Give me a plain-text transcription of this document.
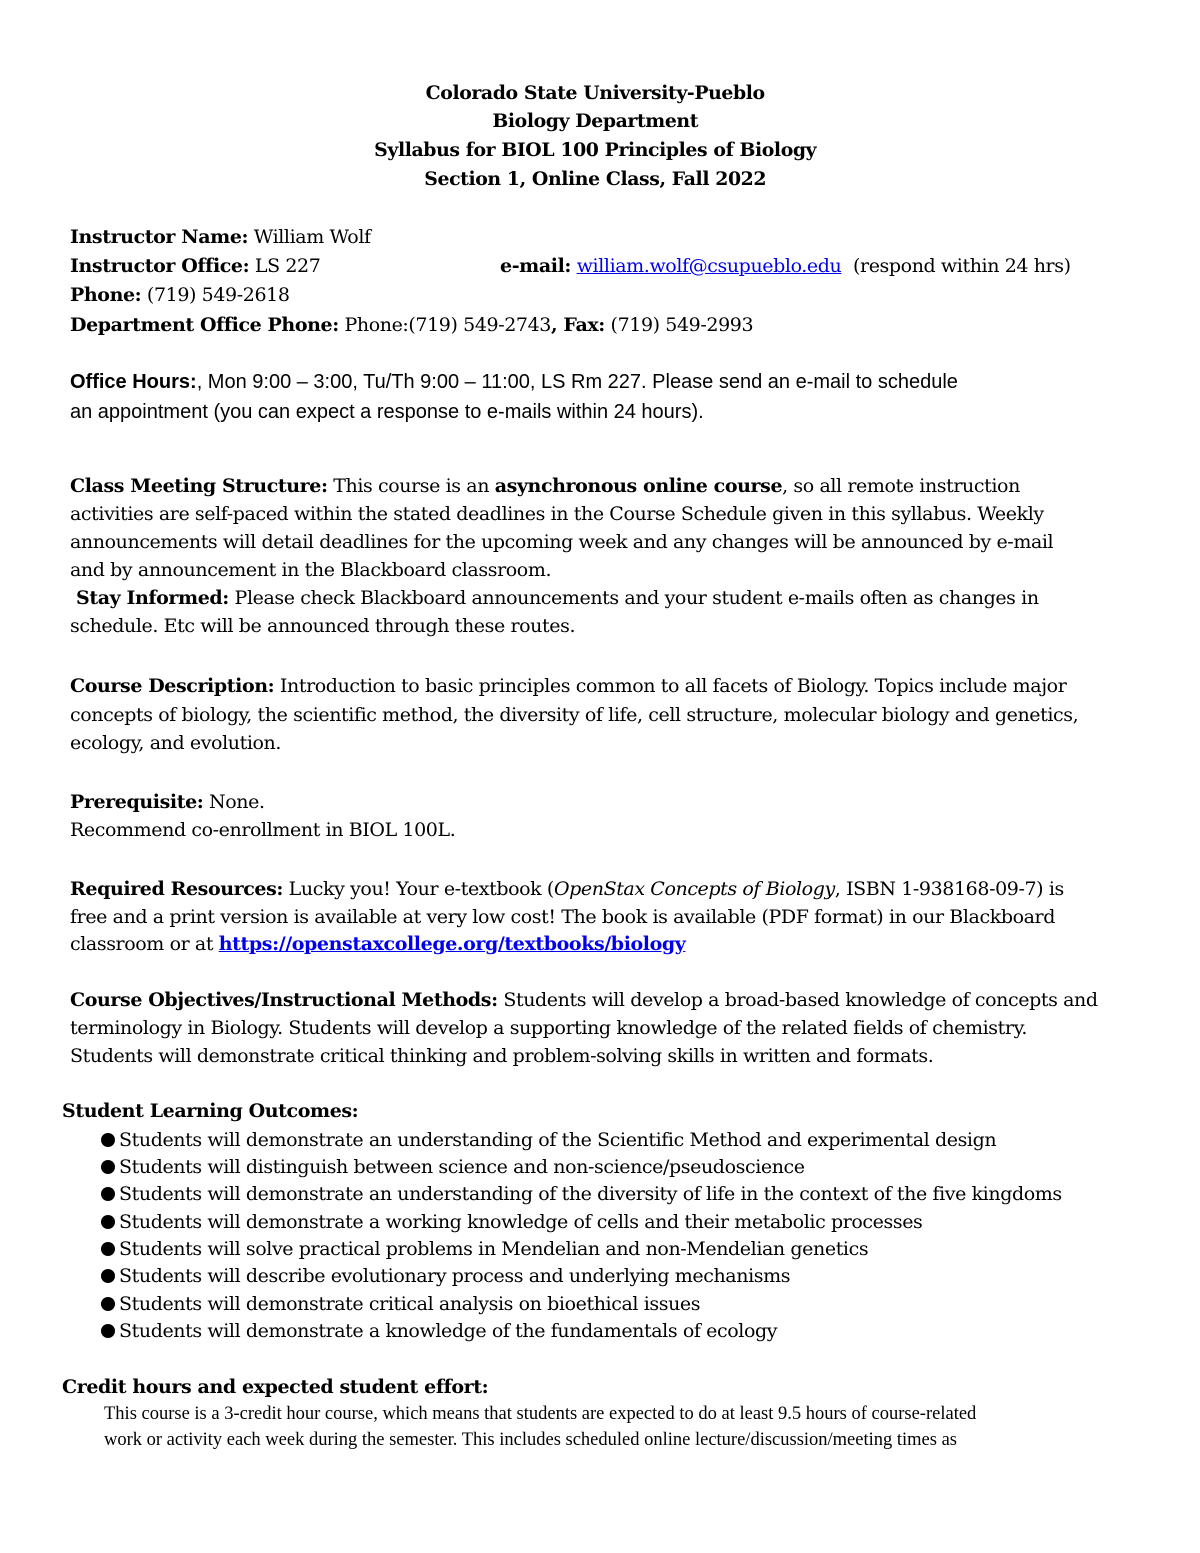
Colorado State University-Pueblo
Biology Department
Syllabus for BIOL 100 Principles of Biology
Section 1, Online Class, Fall 2022
Instructor Name: William Wolf
Instructor Office: LS 227	e-mail: william.wolf@csupueblo.edu (respond within 24 hrs)
Phone: (719) 549-2618
Department Office Phone: Phone:(719) 549-2743, Fax: (719) 549-2993
Office Hours:, Mon 9:00 – 3:00, Tu/Th 9:00 – 11:00, LS Rm 227. Please send an e-mail to schedule
an appointment (you can expect a response to e-mails within 24 hours).
Class Meeting Structure: This course is an asynchronous online course, so all remote instruction
activities are self-paced within the stated deadlines in the Course Schedule given in this syllabus. Weekly
announcements will detail deadlines for the upcoming week and any changes will be announced by e-mail
and by announcement in the Blackboard classroom.
Stay Informed: Please check Blackboard announcements and your student e-mails often as changes in
schedule. Etc will be announced through these routes.
Course Description: Introduction to basic principles common to all facets of Biology. Topics include major
concepts of biology, the scientific method, the diversity of life, cell structure, molecular biology and genetics,
ecology, and evolution.
Prerequisite: None.
Recommend co-enrollment in BIOL 100L.
Required Resources: Lucky you! Your e-textbook (OpenStax Concepts of Biology, ISBN 1-938168-09-7) is
free and a print version is available at very low cost! The book is available (PDF format) in our Blackboard
classroom or at https://openstaxcollege.org/textbooks/biology
Course Objectives/Instructional Methods: Students will develop a broad-based knowledge of concepts and
terminology in Biology. Students will develop a supporting knowledge of the related fields of chemistry.
Students will demonstrate critical thinking and problem-solving skills in written and formats.
Student Learning Outcomes:
Students will demonstrate an understanding of the Scientific Method and experimental design
Students will distinguish between science and non-science/pseudoscience
Students will demonstrate an understanding of the diversity of life in the context of the five kingdoms
Students will demonstrate a working knowledge of cells and their metabolic processes
Students will solve practical problems in Mendelian and non-Mendelian genetics
Students will describe evolutionary process and underlying mechanisms
Students will demonstrate critical analysis on bioethical issues
Students will demonstrate a knowledge of the fundamentals of ecology
Credit hours and expected student effort:
This course is a 3-credit hour course, which means that students are expected to do at least 9.5 hours of course-related
work or activity each week during the semester. This includes scheduled online lecture/discussion/meeting times as
